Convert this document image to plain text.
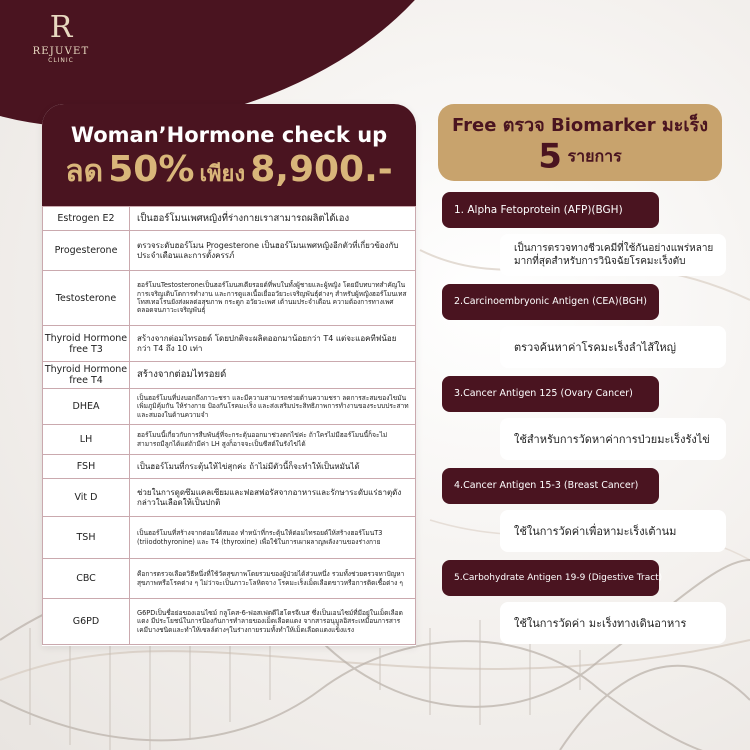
R
REJUVET
CLINIC
Woman’Hormone check up
ลด 50% เพียง 8,900.-
Estrogen E2	เป็นฮอร์โมนเพศหญิงที่ร่างกายเราสามารถผลิตได้เอง
Progesterone	ตรวจระดับฮอร์โมน Progesterone เป็นฮอร์โมนเพศหญิงอีกตัวที่เกี่ยวข้องกับประจำเดือนและการตั้งครรภ์
Testosterone	ฮอร์โมนTestosteroneเป็นฮอร์โมนสเตียรอยด์ที่พบในทั้งผู้ชายและผู้หญิง โดยมีบทบาทสำคัญในการเจริญเติบโตการทำงาน และการดูแลเนื้อเยื่ออวัยวะเจริญพันธุ์ต่างๆ สำหรับผู้หญิงฮอร์โมนเทสโทสเทอโรนยังส่งผลต่อสุขภาพ กระดูก อวัยวะเพศ เต้านมประจำเดือน ความต้องการทางเพศ ตลอดจนภาวะเจริญพันธุ์
Thyroid Hormone free T3	สร้างจากต่อมไทรอยด์ โดยปกติจะผลิตออกมาน้อยกว่า T4 แต่จะแอคทีฟน้อยกว่า T4 ถึง 10 เท่า
Thyroid Hormone free T4	สร้างจากต่อมไทรอยด์
DHEA	เป็นฮอร์โมนที่บ่งบอกถึงภาวะชรา และมีความสามารถช่วยต้านความชรา ลดการสะสมของไขมันเพิ่มภูมิคุ้มกัน ให้ร่างกาย ป้องกันโรคมะเร็ง และส่งเสริมประสิทธิภาพการทำงานของระบบประสาทและสมองในด้านความจำ
LH	ฮอร์โมนนี้เกี่ยวกับการสืบพันธุ์ที่จะกระตุ้นออกมาช่วงตกไข่ค่ะ ถ้าใครไม่มีฮอร์โมนนี้ก็จะไม่สามารถมีลูกได้แต่ถ้ามีค่า LH สูงก็อาจจะเป็นซีสต์ในรังไข่ได้
FSH	เป็นฮอร์โมนที่กระตุ้นให้ไข่สุกค่ะ ถ้าไม่มีตัวนี้ก็จะทำให้เป็นหมันได้
Vit D	ช่วยในการดูดซึมแคลเซียมและฟอสฟอรัสจากอาหารและรักษาระดับแร่ธาตุดังกล่าวในเลือดให้เป็นปกติ
TSH	เป็นฮอร์โมนที่สร้างจากต่อมใต้สมอง ทำหน้าที่กระตุ้นให้ต่อมไทรอยด์ให้สร้างฮอร์โมนT3 (triiodothyronine) และ T4 (thyroxine) เพื่อใช้ในการเผาผลาญพลังงานของร่างกาย
CBC	คือการตรวจเลือดวิธีหนึ่งที่ใช้วัดสุขภาพโดยรวมของผู้ป่วยได้ส่วนหนึ่ง รวมทั้งช่วยตรวจหาปัญหาสุขภาพหรือโรคต่าง ๆ ไม่ว่าจะเป็นภาวะโลหิตจาง โรคมะเร็งเม็ดเลือดขาวหรือการติดเชื้อต่าง ๆ
G6PD	G6PDเป็นชื่อย่อของเอนไซม์ กลูโคส-6-ฟอสเฟตดีไฮโดรจีเนส ซึ่งเป็นเอนไซม์ที่มีอยู่ในเม็ดเลือดแดง มีประโยชน์ในการป้องกันการทำลายของเม็ดเลือดแดง จากสารอนุมูลอิสระเหมือนการสารเคมีบางชนิดและทำให้เซลล์ต่างๆในร่างกายรวมทั้งทำให้เม็ดเลือดแดงแข็งแรง
Free ตรวจ Biomarker มะเร็ง
5 รายการ
1. Alpha Fetoprotein (AFP)(BGH)
เป็นการตรวจทางชีวเคมีที่ใช้กันอย่างแพร่หลายมากที่สุดสำหรับการวินิจฉัยโรคมะเร็งตับ
2.Carcinoembryonic Antigen (CEA)(BGH)
ตรวจค้นหาค่าโรคมะเร็งลำไส้ใหญ่
3.Cancer Antigen 125 (Ovary Cancer)
ใช้สำหรับการวัดหาค่าการป่วยมะเร็งรังไข่
4.Cancer Antigen 15-3 (Breast Cancer)
ใช้ในการวัดค่าเพื่อหามะเร็งเต้านม
5.Carbohydrate Antigen 19-9 (Digestive Tract)
ใช้ในการวัดค่า มะเร็งทางเดินอาหาร
